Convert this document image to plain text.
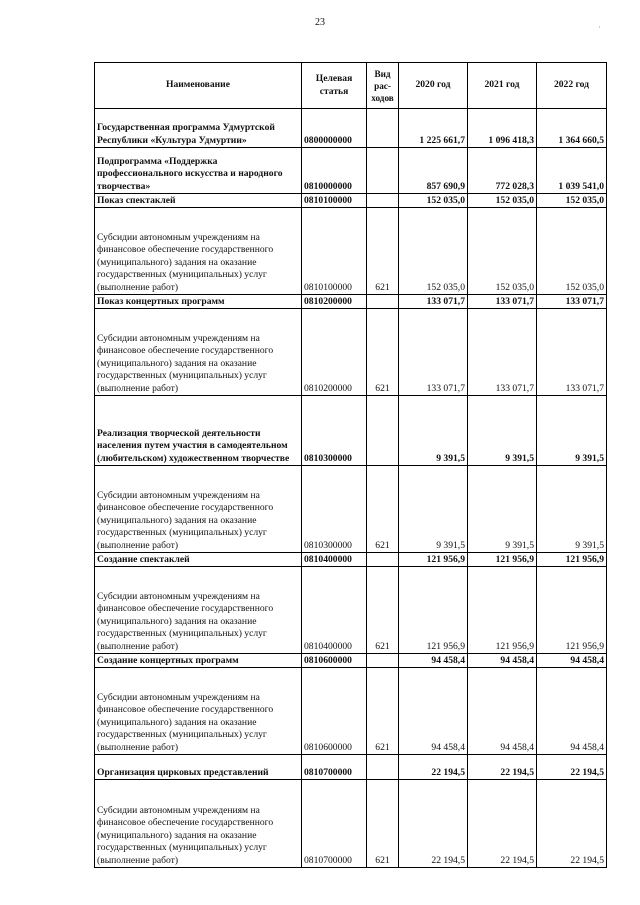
23	·
Наименование	Целевая статья	Вид рас-ходов	2020 год	2021 год	2022 год
Государственная программа Удмуртской Республики «Культура Удмуртии»	0800000000		1 225 661,7	1 096 418,3	1 364 660,5
Подпрограмма «Поддержка профессионального искусства и народного творчества»	0810000000		857 690,9	772 028,3	1 039 541,0
Показ спектаклей	0810100000		152 035,0	152 035,0	152 035,0
Субсидии автономным учреждениям на финансовое обеспечение государственного (муниципального) задания на оказание государственных (муниципальных) услуг (выполнение работ)	0810100000	621	152 035,0	152 035,0	152 035,0
Показ концертных программ	0810200000		133 071,7	133 071,7	133 071,7
Субсидии автономным учреждениям на финансовое обеспечение государственного (муниципального) задания на оказание государственных (муниципальных) услуг (выполнение работ)	0810200000	621	133 071,7	133 071,7	133 071,7
Реализация творческой деятельности населения путем участия в самодеятельном (любительском) художественном творчестве	0810300000		9 391,5	9 391,5	9 391,5
Субсидии автономным учреждениям на финансовое обеспечение государственного (муниципального) задания на оказание государственных (муниципальных) услуг (выполнение работ)	0810300000	621	9 391,5	9 391,5	9 391,5
Создание спектаклей	0810400000		121 956,9	121 956,9	121 956,9
Субсидии автономным учреждениям на финансовое обеспечение государственного (муниципального) задания на оказание государственных (муниципальных) услуг (выполнение работ)	0810400000	621	121 956,9	121 956,9	121 956,9
Создание концертных программ	0810600000		94 458,4	94 458,4	94 458,4
Субсидии автономным учреждениям на финансовое обеспечение государственного (муниципального) задания на оказание государственных (муниципальных) услуг (выполнение работ)	0810600000	621	94 458,4	94 458,4	94 458,4
Организация цирковых представлений	0810700000		22 194,5	22 194,5	22 194,5
Субсидии автономным учреждениям на финансовое обеспечение государственного (муниципального) задания на оказание государственных (муниципальных) услуг (выполнение работ)	0810700000	621	22 194,5	22 194,5	22 194,5
